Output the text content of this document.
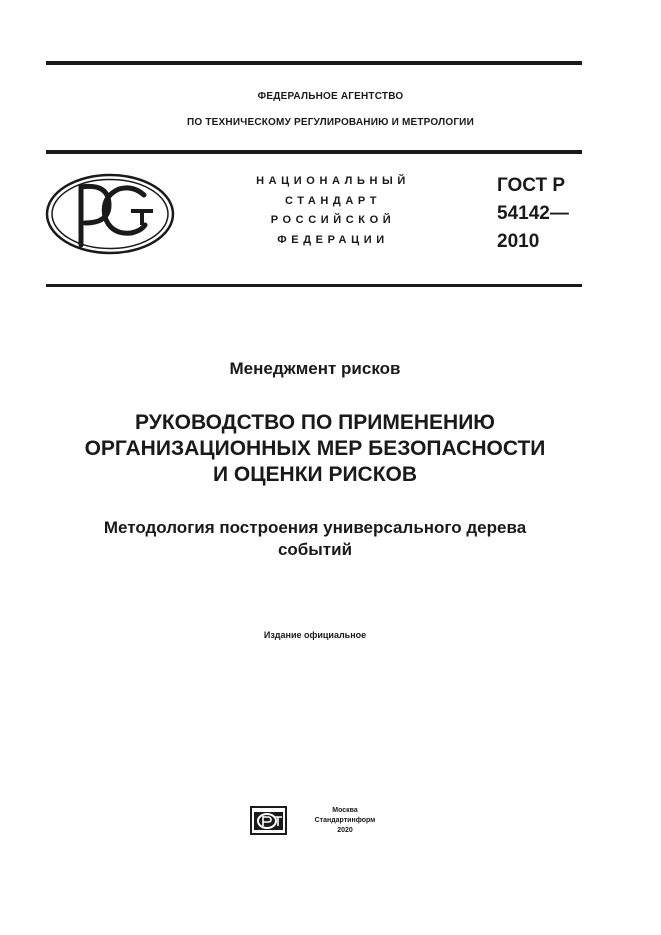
ФЕДЕРАЛЬНОЕ АГЕНТСТВО
ПО ТЕХНИЧЕСКОМУ РЕГУЛИРОВАНИЮ И МЕТРОЛОГИИ
НАЦИОНАЛЬНЫЙ
СТАНДАРТ
РОССИЙСКОЙ
ФЕДЕРАЦИИ
ГОСТ Р
54142—
2010
Менеджмент рисков
РУКОВОДСТВО ПО ПРИМЕНЕНИЮ
ОРГАНИЗАЦИОННЫХ МЕР БЕЗОПАСНОСТИ
И ОЦЕНКИ РИСКОВ
Методология построения универсального дерева
событий
Издание официальное
Москва
Стандартинформ
2020
